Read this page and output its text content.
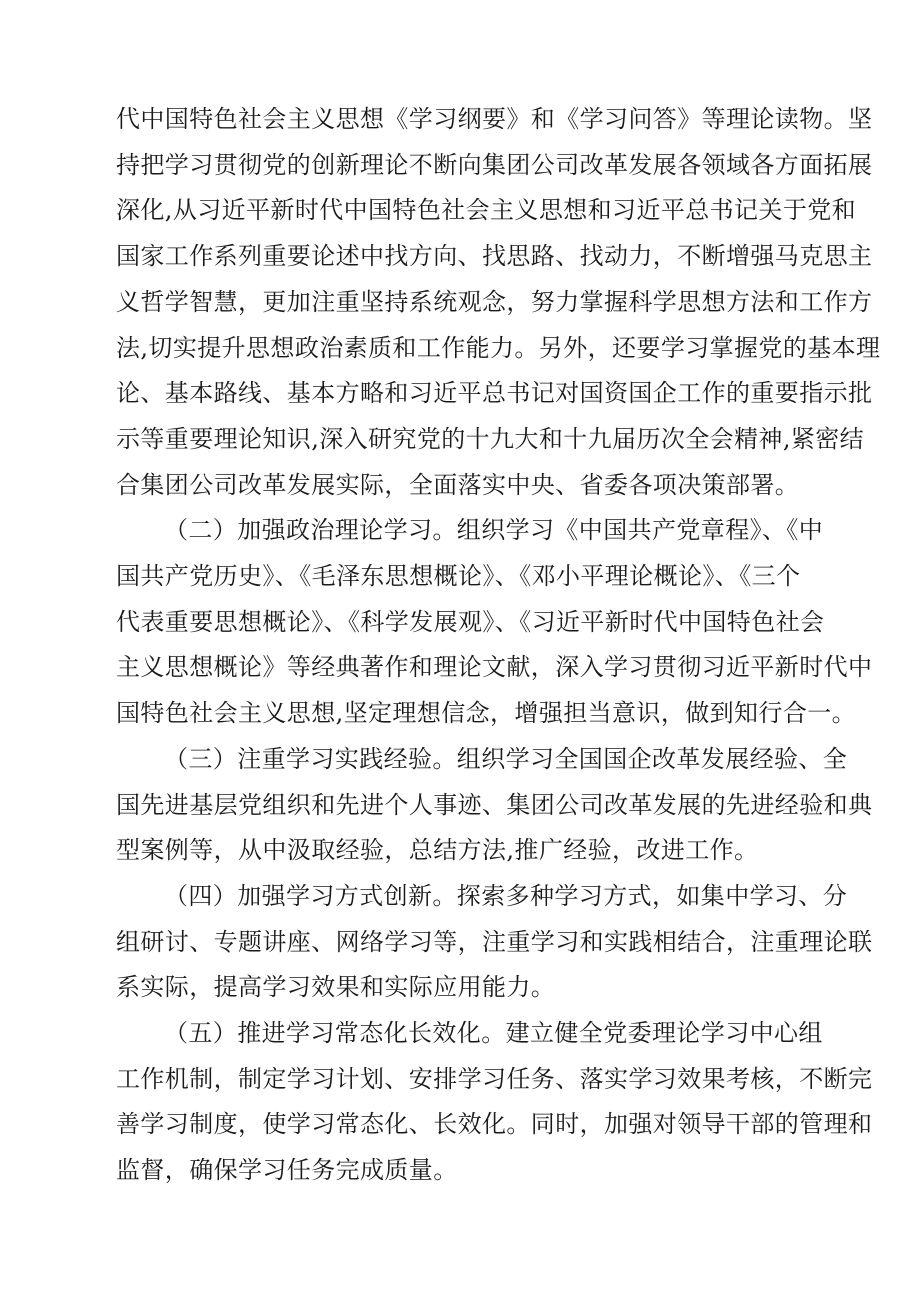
代中国特色社会主义思想《学习纲要》和《学习问答》等理论读物。坚
持把学习贯彻党的创新理论不断向集团公司改革发展各领域各方面拓展
深化,从习近平新时代中国特色社会主义思想和习近平总书记关于党和
国家工作系列重要论述中找方向、找思路、找动力，不断增强马克思主
义哲学智慧，更加注重坚持系统观念，努力掌握科学思想方法和工作方
法,切实提升思想政治素质和工作能力。另外，还要学习掌握党的基本理
论、基本路线、基本方略和习近平总书记对国资国企工作的重要指示批
示等重要理论知识,深入研究党的十九大和十九届历次全会精神,紧密结
合集团公司改革发展实际，全面落实中央、省委各项决策部署。

（二）加强政治理论学习。组织学习《中国共产党章程》、《中
国共产党历史》、《毛泽东思想概论》、《邓小平理论概论》、《三个
代表重要思想概论》、《科学发展观》、《习近平新时代中国特色社会
主义思想概论》等经典著作和理论文献，深入学习贯彻习近平新时代中
国特色社会主义思想,坚定理想信念，增强担当意识，做到知行合一。

（三）注重学习实践经验。组织学习全国国企改革发展经验、全
国先进基层党组织和先进个人事迹、集团公司改革发展的先进经验和典
型案例等，从中汲取经验，总结方法,推广经验，改进工作。

（四）加强学习方式创新。探索多种学习方式，如集中学习、分
组研讨、专题讲座、网络学习等，注重学习和实践相结合，注重理论联
系实际，提高学习效果和实际应用能力。

（五）推进学习常态化长效化。建立健全党委理论学习中心组
工作机制，制定学习计划、安排学习任务、落实学习效果考核，不断完
善学习制度，使学习常态化、长效化。同时，加强对领导干部的管理和
监督，确保学习任务完成质量。
